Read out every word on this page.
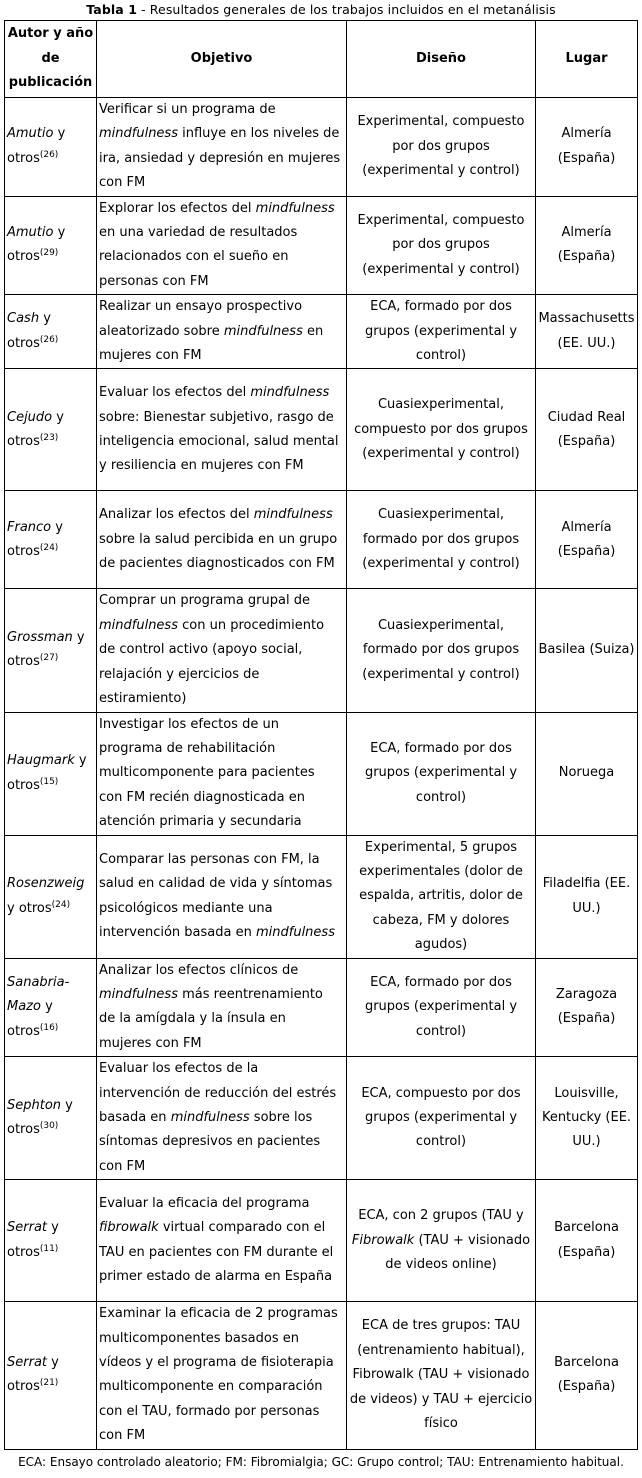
Tabla 1 - Resultados generales de los trabajos incluidos en el metanálisis
Autor y año de publicación	Objetivo	Diseño	Lugar
Amutio y otros$^{(26)}$	Verificar si un programa de mindfulness influye en los niveles de ira, ansiedad y depresión en mujeres con FM	Experimental, compuesto por dos grupos (experimental y control)	Almería (España)
Amutio y otros$^{(29)}$	Explorar los efectos del mindfulness en una variedad de resultados relacionados con el sueño en personas con FM	Experimental, compuesto por dos grupos (experimental y control)	Almería (España)
Cash y otros$^{(26)}$	Realizar un ensayo prospectivo aleatorizado sobre mindfulness en mujeres con FM	ECA, formado por dos grupos (experimental y control)	Massachusetts (EE. UU.)
Cejudo y otros$^{(23)}$	Evaluar los efectos del mindfulness sobre: Bienestar subjetivo, rasgo de inteligencia emocional, salud mental y resiliencia en mujeres con FM	Cuasiexperimental, compuesto por dos grupos (experimental y control)	Ciudad Real (España)
Franco y otros$^{(24)}$	Analizar los efectos del mindfulness sobre la salud percibida en un grupo de pacientes diagnosticados con FM	Cuasiexperimental, formado por dos grupos (experimental y control)	Almería (España)
Grossman y otros$^{(27)}$	Comprar un programa grupal de mindfulness con un procedimiento de control activo (apoyo social, relajación y ejercicios de estiramiento)	Cuasiexperimental, formado por dos grupos (experimental y control)	Basilea (Suiza)
Haugmark y otros$^{(15)}$	Investigar los efectos de un programa de rehabilitación multicomponente para pacientes con FM recién diagnosticada en atención primaria y secundaria	ECA, formado por dos grupos (experimental y control)	Noruega
Rosenzweig y otros$^{(24)}$	Comparar las personas con FM, la salud en calidad de vida y síntomas psicológicos mediante una intervención basada en mindfulness	Experimental, 5 grupos experimentales (dolor de espalda, artritis, dolor de cabeza, FM y dolores agudos)	Filadelfia (EE. UU.)
Sanabria-Mazo y otros$^{(16)}$	Analizar los efectos clínicos de mindfulness más reentrenamiento de la amígdala y la ínsula en mujeres con FM	ECA, formado por dos grupos (experimental y control)	Zaragoza (España)
Sephton y otros$^{(30)}$	Evaluar los efectos de la intervención de reducción del estrés basada en mindfulness sobre los síntomas depresivos en pacientes con FM	ECA, compuesto por dos grupos (experimental y control)	Louisville, Kentucky (EE. UU.)
Serrat y otros$^{(11)}$	Evaluar la eficacia del programa fibrowalk virtual comparado con el TAU en pacientes con FM durante el primer estado de alarma en España	ECA, con 2 grupos (TAU y Fibrowalk (TAU + visionado de videos online)	Barcelona (España)
Serrat y otros$^{(21)}$	Examinar la eficacia de 2 programas multicomponentes basados en vídeos y el programa de fisioterapia multicomponente en comparación con el TAU, formado por personas con FM	ECA de tres grupos: TAU (entrenamiento habitual), Fibrowalk (TAU + visionado de videos) y TAU + ejercicio físico	Barcelona (España)
ECA: Ensayo controlado aleatorio; FM: Fibromialgia; GC: Grupo control; TAU: Entrenamiento habitual.
